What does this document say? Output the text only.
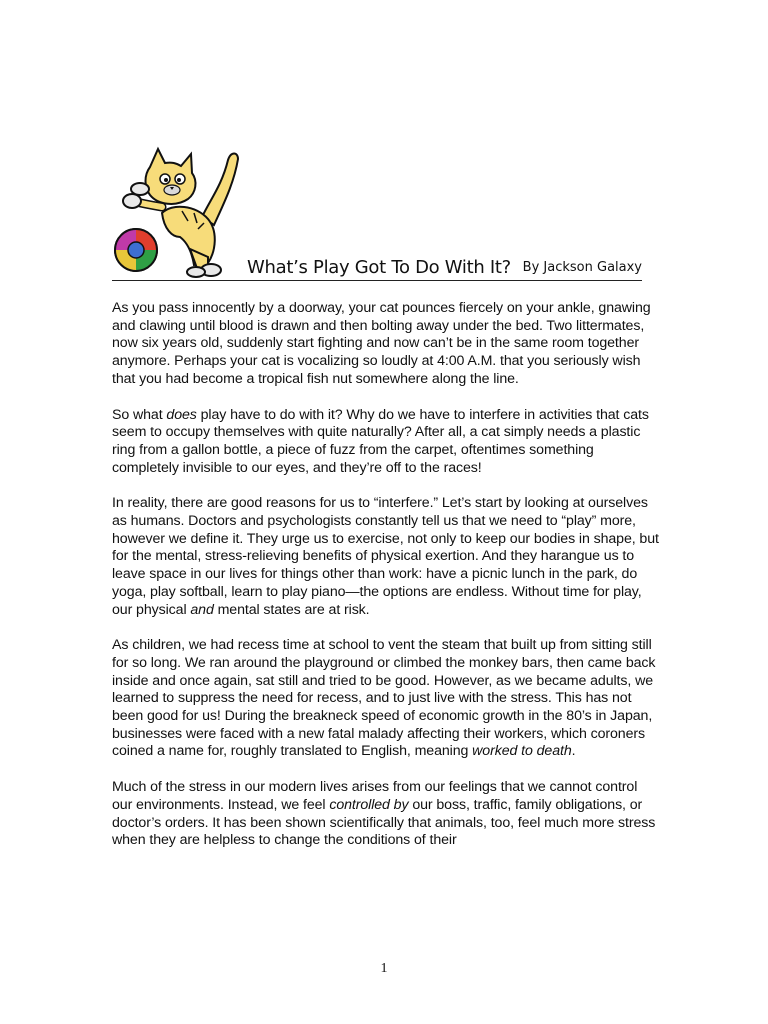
What’s Play Got To Do With It? By Jackson Galaxy

As you pass innocently by a doorway, your cat pounces fiercely on your ankle, gnawing and clawing until blood is drawn and then bolting away under the bed. Two littermates, now six years old, suddenly start fighting and now can’t be in the same room together anymore. Perhaps your cat is vocalizing so loudly at 4:00 A.M. that you seriously wish that you had become a tropical fish nut somewhere along the line.

So what does play have to do with it? Why do we have to interfere in activities that cats seem to occupy themselves with quite naturally? After all, a cat simply needs a plastic ring from a gallon bottle, a piece of fuzz from the carpet, oftentimes something completely invisible to our eyes, and they’re off to the races!

In reality, there are good reasons for us to “interfere.” Let’s start by looking at ourselves as humans. Doctors and psychologists constantly tell us that we need to “play” more, however we define it. They urge us to exercise, not only to keep our bodies in shape, but for the mental, stress-relieving benefits of physical exertion. And they harangue us to leave space in our lives for things other than work: have a picnic lunch in the park, do yoga, play softball, learn to play piano—the options are endless. Without time for play, our physical and mental states are at risk.

As children, we had recess time at school to vent the steam that built up from sitting still for so long. We ran around the playground or climbed the monkey bars, then came back inside and once again, sat still and tried to be good. However, as we became adults, we learned to suppress the need for recess, and to just live with the stress. This has not been good for us! During the breakneck speed of economic growth in the 80’s in Japan, businesses were faced with a new fatal malady affecting their workers, which coroners coined a name for, roughly translated to English, meaning worked to death.

Much of the stress in our modern lives arises from our feelings that we cannot control our environments. Instead, we feel controlled by our boss, traffic, family obligations, or doctor’s orders. It has been shown scientifically that animals, too, feel much more stress when they are helpless to change the conditions of their

1
